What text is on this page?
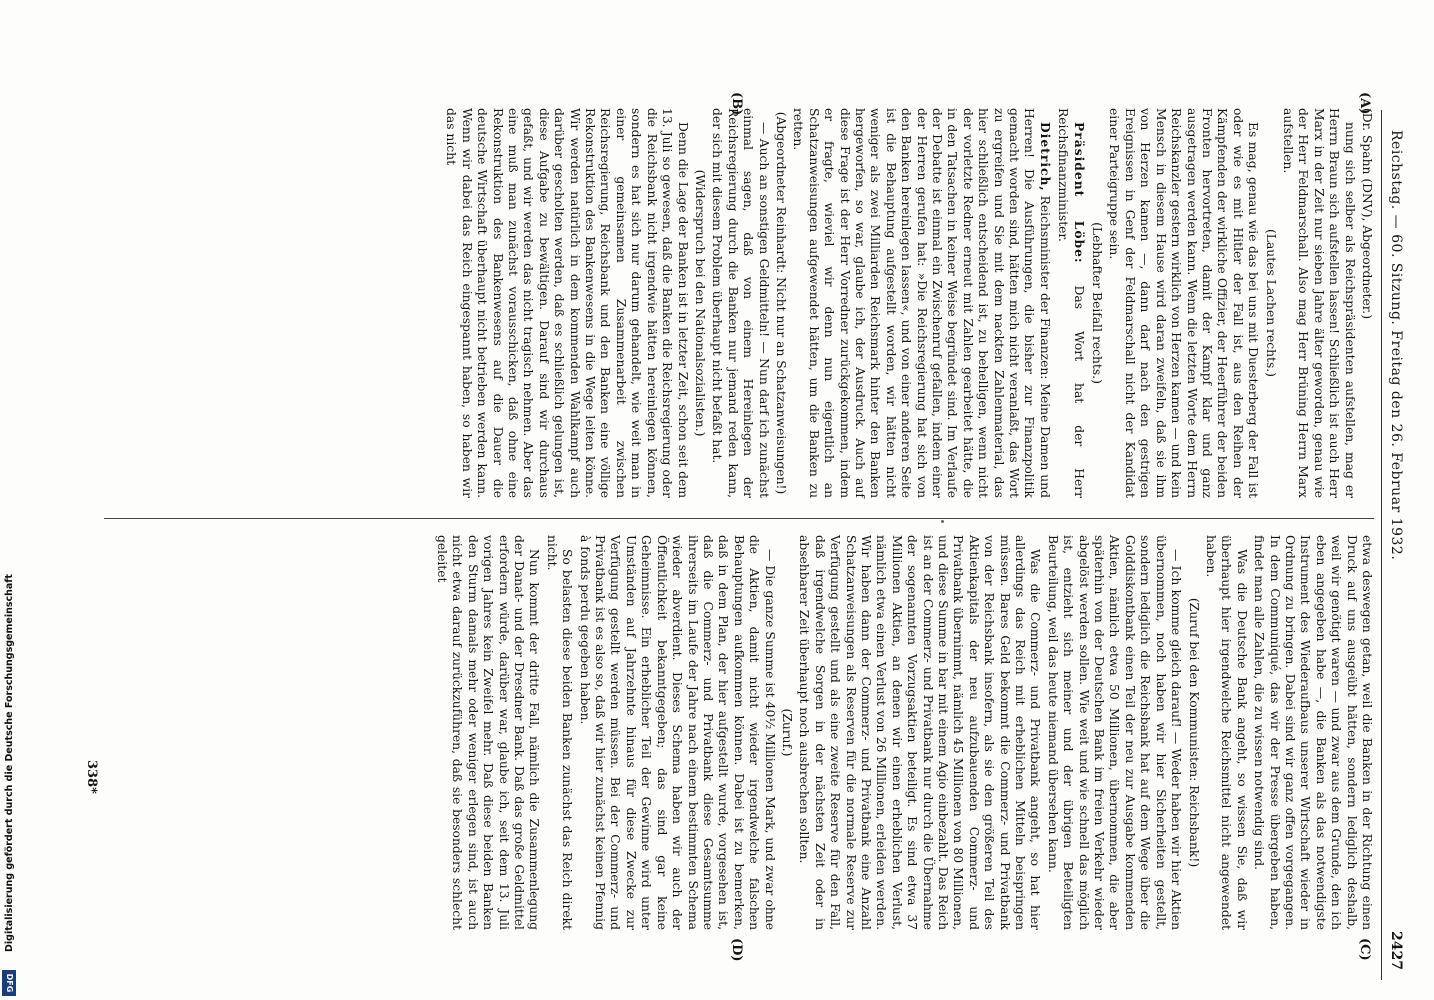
Reichstag. — 60. Sitzung. Freitag den 26. Februar 1932.
2427
(A)
(B)
(C)
(D)

(Dr. Spahn (DNV), Abgeordneter.)

nung sich selber als Reichspräsidenten aufstellen, mag er Herrn Braun sich aufstellen lassen! Schließlich ist auch Herr Marx in der Zeit nur sieben Jahre älter geworden, genau wie der Herr Feldmarschall. Also mag Herr Brüning Herrn Marx aufstellen.

(Lautes Lachen rechts.)

Es mag, genau wie das bei uns mit Duesterberg der Fall ist oder wie es mit Hitler der Fall ist, aus den Reihen der Kämpfenden der wirkliche Offizier, der Heerführer der beiden Fronten hervortreten, damit der Kampf klar und ganz ausgetragen werden kann. Wenn die letzten Worte dem Herrn Reichskanzler gestern wirklich von Herzen kamen — und kein Mensch in diesem Hause wird daran zweifeln, daß sie ihm von Herzen kamen —, dann darf nach den gestrigen Ereignissen in Genf der Feldmarschall nicht der Kandidat einer Parteigruppe sein.

(Lebhafter Beifall rechts.)

Präsident Löbe: Das Wort hat der Herr Reichsfinanzminister.

Dietrich, Reichsminister der Finanzen: Meine Damen und Herren! Die Ausführungen, die bisher zur Finanzpolitik gemacht worden sind, hätten mich nicht veranlaßt, das Wort zu ergreifen und Sie mit dem nackten Zahlenmaterial, das hier schließlich entscheidend ist, zu behelligen, wenn nicht der vorletzte Redner erneut mit Zahlen gearbeitet hätte, die in den Tatsachen in keiner Weise begründet sind. Im Verlaufe der Debatte ist einmal ein Zwischenruf gefallen, indem einer der Herren gerufen hat: »Die Reichsregierung hat sich von den Banken hereinlegen lassen«, und von einer anderen Seite ist die Behauptung aufgestellt worden, wir hätten nicht weniger als zwei Milliarden Reichsmark hinter den Banken hergeworfen, so war, glaube ich, der Ausdruck. Auch auf diese Frage ist der Herr Vorredner zurückgekommen, indem er fragte, wieviel wir denn nun eigentlich an Schatzanweisungen aufgewendet hätten, um die Banken zu retten.

(Abgeordneter Reinhardt: Nicht nur an Schatzanweisungen!)

— Auch an sonstigen Geldmitteln! — Nun darf ich zunächst einmal sagen, daß von einem Hereinlegen der Reichsregierung durch die Banken nur jemand reden kann, der sich mit diesem Problem überhaupt nicht befaßt hat.

(Widerspruch bei den Nationalsozialisten.)

Denn die Lage der Banken ist in letzter Zeit, schon seit dem 13. Juli so gewesen, daß die Banken die Reichsregierung oder die Reichsbank nicht irgendwie hätten hereinlegen können, sondern es hat sich nur darum gehandelt, wie weit man in einer gemeinsamen Zusammenarbeit zwischen Reichsregierung, Reichsbank und den Banken eine völlige Rekonstruktion des Bankenwesens in die Wege leiten könne. Wir werden natürlich in dem kommenden Wahlkampf auch darüber gescholten werden, daß es schließlich gelungen ist, diese Aufgabe zu bewältigen. Darauf sind wir durchaus gefaßt, und wir werden das nicht tragisch nehmen. Aber das eine muß man zunächst vorausschicken, daß ohne eine Rekonstruktion des Bankenwesens auf die Dauer die deutsche Wirtschaft überhaupt nicht betrieben werden kann. Wenn wir dabei das Reich eingespannt haben, so haben wir das nicht

etwa deswegen getan, weil die Banken in der Richtung einen Druck auf uns ausgeübt hätten, sondern lediglich deshalb, weil wir genötigt waren — und zwar aus dem Grunde, den ich eben angegeben habe —, die Banken als das notwendigste Instrument des Wiederaufbaus unserer Wirtschaft wieder in Ordnung zu bringen. Dabei sind wir ganz offen vorgegangen. In dem Communiqué, das wir der Presse übergeben haben, findet man alle Zahlen, die zu wissen notwendig sind.

Was die Deutsche Bank angeht, so wissen Sie, daß wir überhaupt hier irgendwelche Reichsmittel nicht angewendet haben.

(Zuruf bei den Kommunisten: Reichsbank!)

— Ich komme gleich darauf! — Weder haben wir hier Aktien übernommen, noch haben wir hier Sicherheiten gestellt, sondern lediglich die Reichsbank hat auf dem Wege über die Golddiskontbank einen Teil der neu zur Ausgabe kommenden Aktien, nämlich etwa 50 Millionen, übernommen, die aber späterhin von der Deutschen Bank im freien Verkehr wieder abgelöst werden sollen. Wie weit und wie schnell das möglich ist, entzieht sich meiner und der übrigen Beteiligten Beurteilung, weil das heute niemand übersehen kann.

Was die Commerz- und Privatbank angeht, so hat hier allerdings das Reich mit erheblichen Mitteln beispringen müssen. Bares Geld bekommt die Commerz- und Privatbank von der Reichsbank insofern, als sie den größeren Teil des Aktienkapitals der neu aufzubauenden Commerz- und Privatbank übernimmt, nämlich 45 Millionen von 80 Millionen, und diese Summe in bar mit einem Agio einbezahlt. Das Reich ist an der Commerz- und Privatbank nur durch die Übernahme der sogenannten Vorzugsaktien beteiligt. Es sind etwa 37 Millionen Aktien, an denen wir einen erheblichen Verlust, nämlich etwa einen Verlust von 26 Millionen, erleiden werden. Wir haben dann der Commerz- und Privatbank eine Anzahl Schatzanweisungen als Reserven für die normale Reserve zur Verfügung gestellt und als eine zweite Reserve für den Fall, daß irgendwelche Sorgen in der nächsten Zeit oder in absehbarer Zeit überhaupt noch ausbrechen sollten.

(Zuruf.)

— Die ganze Summe ist 40½ Millionen Mark, und zwar ohne die Aktien, damit nicht wieder irgendwelche falschen Behauptungen aufkommen können. Dabei ist zu bemerken, daß in dem Plan, der hier aufgestellt wurde, vorgesehen ist, daß die Commerz- und Privatbank diese Gesamtsumme ihrerseits im Laufe der Jahre nach einem bestimmten Schema wieder abverdient. Dieses Schema haben wir auch der Öffentlichkeit bekanntgegeben; das sind gar keine Geheimnisse. Ein erheblicher Teil der Gewinne wird unter Umständen auf Jahrzehnte hinaus für diese Zwecke zur Verfügung gestellt werden müssen. Bei der Commerz- und Privatbank ist es also so, daß wir hier zunächst keinen Pfennig à fonds perdu gegeben haben.

So belasten diese beiden Banken zunächst das Reich direkt nicht.

Nun kommt der dritte Fall, nämlich die Zusammenlegung der Danat- und der Dresdner Bank. Daß das große Geldmittel erfordern würde, darüber war, glaube ich, seit dem 13. Juli vorigen Jahres kein Zweifel mehr. Daß diese beiden Banken den Sturm damals mehr oder weniger erlegen sind, ist auch nicht etwa darauf zurückzuführen, daß sie besonders schlecht geleitet

338*
Digitalisierung gefördert durch die Deutsche Forschungsgemeinschaft
DFG
